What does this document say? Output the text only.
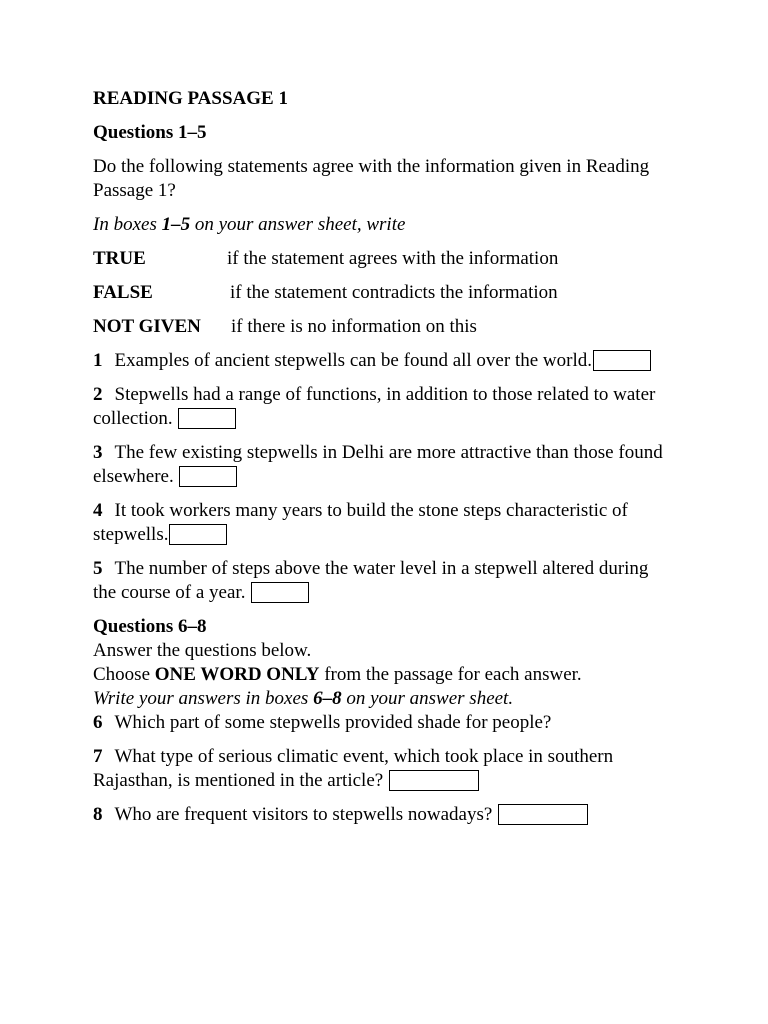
READING PASSAGE 1

Questions 1–5

Do the following statements agree with the information given in Reading Passage 1?

In boxes 1–5 on your answer sheet, write

TRUE	if the statement agrees with the information
FALSE	if the statement contradicts the information
NOT GIVEN	if there is no information on this

1 Examples of ancient stepwells can be found all over the world.

2 Stepwells had a range of functions, in addition to those related to water collection.

3 The few existing stepwells in Delhi are more attractive than those found elsewhere.

4 It took workers many years to build the stone steps characteristic of stepwells.

5 The number of steps above the water level in a stepwell altered during the course of a year.

Questions 6–8

Answer the questions below.

Choose ONE WORD ONLY from the passage for each answer.

Write your answers in boxes 6–8 on your answer sheet.

6 Which part of some stepwells provided shade for people?

7 What type of serious climatic event, which took place in southern Rajasthan, is mentioned in the article?

8 Who are frequent visitors to stepwells nowadays?
